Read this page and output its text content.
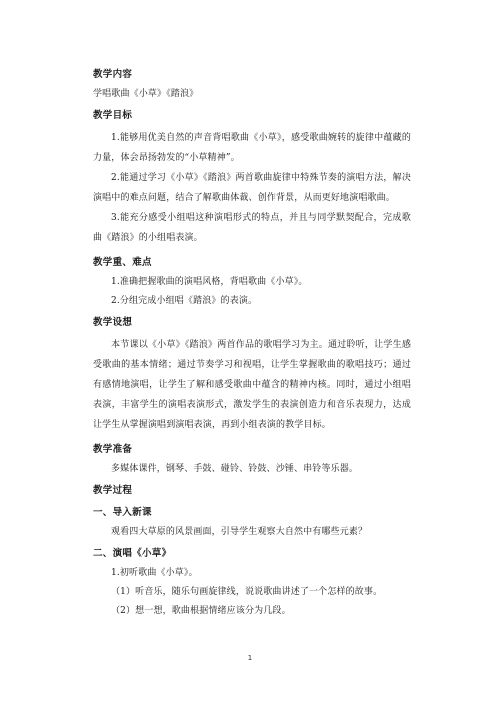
教学内容

学唱歌曲《小草》《踏浪》

教学目标

1.能够用优美自然的声音背唱歌曲《小草》，感受歌曲婉转的旋律中蕴藏的力量，体会昂扬勃发的“小草精神”。

2.能通过学习《小草》《踏浪》两首歌曲旋律中特殊节奏的演唱方法，解决演唱中的难点问题，结合了解歌曲体裁、创作背景，从而更好地演唱歌曲。

3.能充分感受小组唱这种演唱形式的特点，并且与同学默契配合，完成歌曲《踏浪》的小组唱表演。

教学重、难点

1.准确把握歌曲的演唱风格，背唱歌曲《小草》。

2.分组完成小组唱《踏浪》的表演。

教学设想

本节课以《小草》《踏浪》两首作品的歌唱学习为主。通过聆听，让学生感受歌曲的基本情绪；通过节奏学习和视唱，让学生掌握歌曲的歌唱技巧；通过有感情地演唱，让学生了解和感受歌曲中蕴含的精神内核。同时，通过小组唱表演，丰富学生的演唱表演形式，激发学生的表演创造力和音乐表现力，达成让学生从掌握演唱到演唱表演，再到小组表演的教学目标。

教学准备

多媒体课件，钢琴、手鼓、碰铃、铃鼓、沙锤、串铃等乐器。

教学过程
一、导入新课

观看四大草原的风景画面，引导学生观察大自然中有哪些元素？

二、演唱《小草》

1.初听歌曲《小草》。

（1）听音乐，随乐句画旋律线，说说歌曲讲述了一个怎样的故事。

（2）想一想，歌曲根据情绪应该分为几段。

1
